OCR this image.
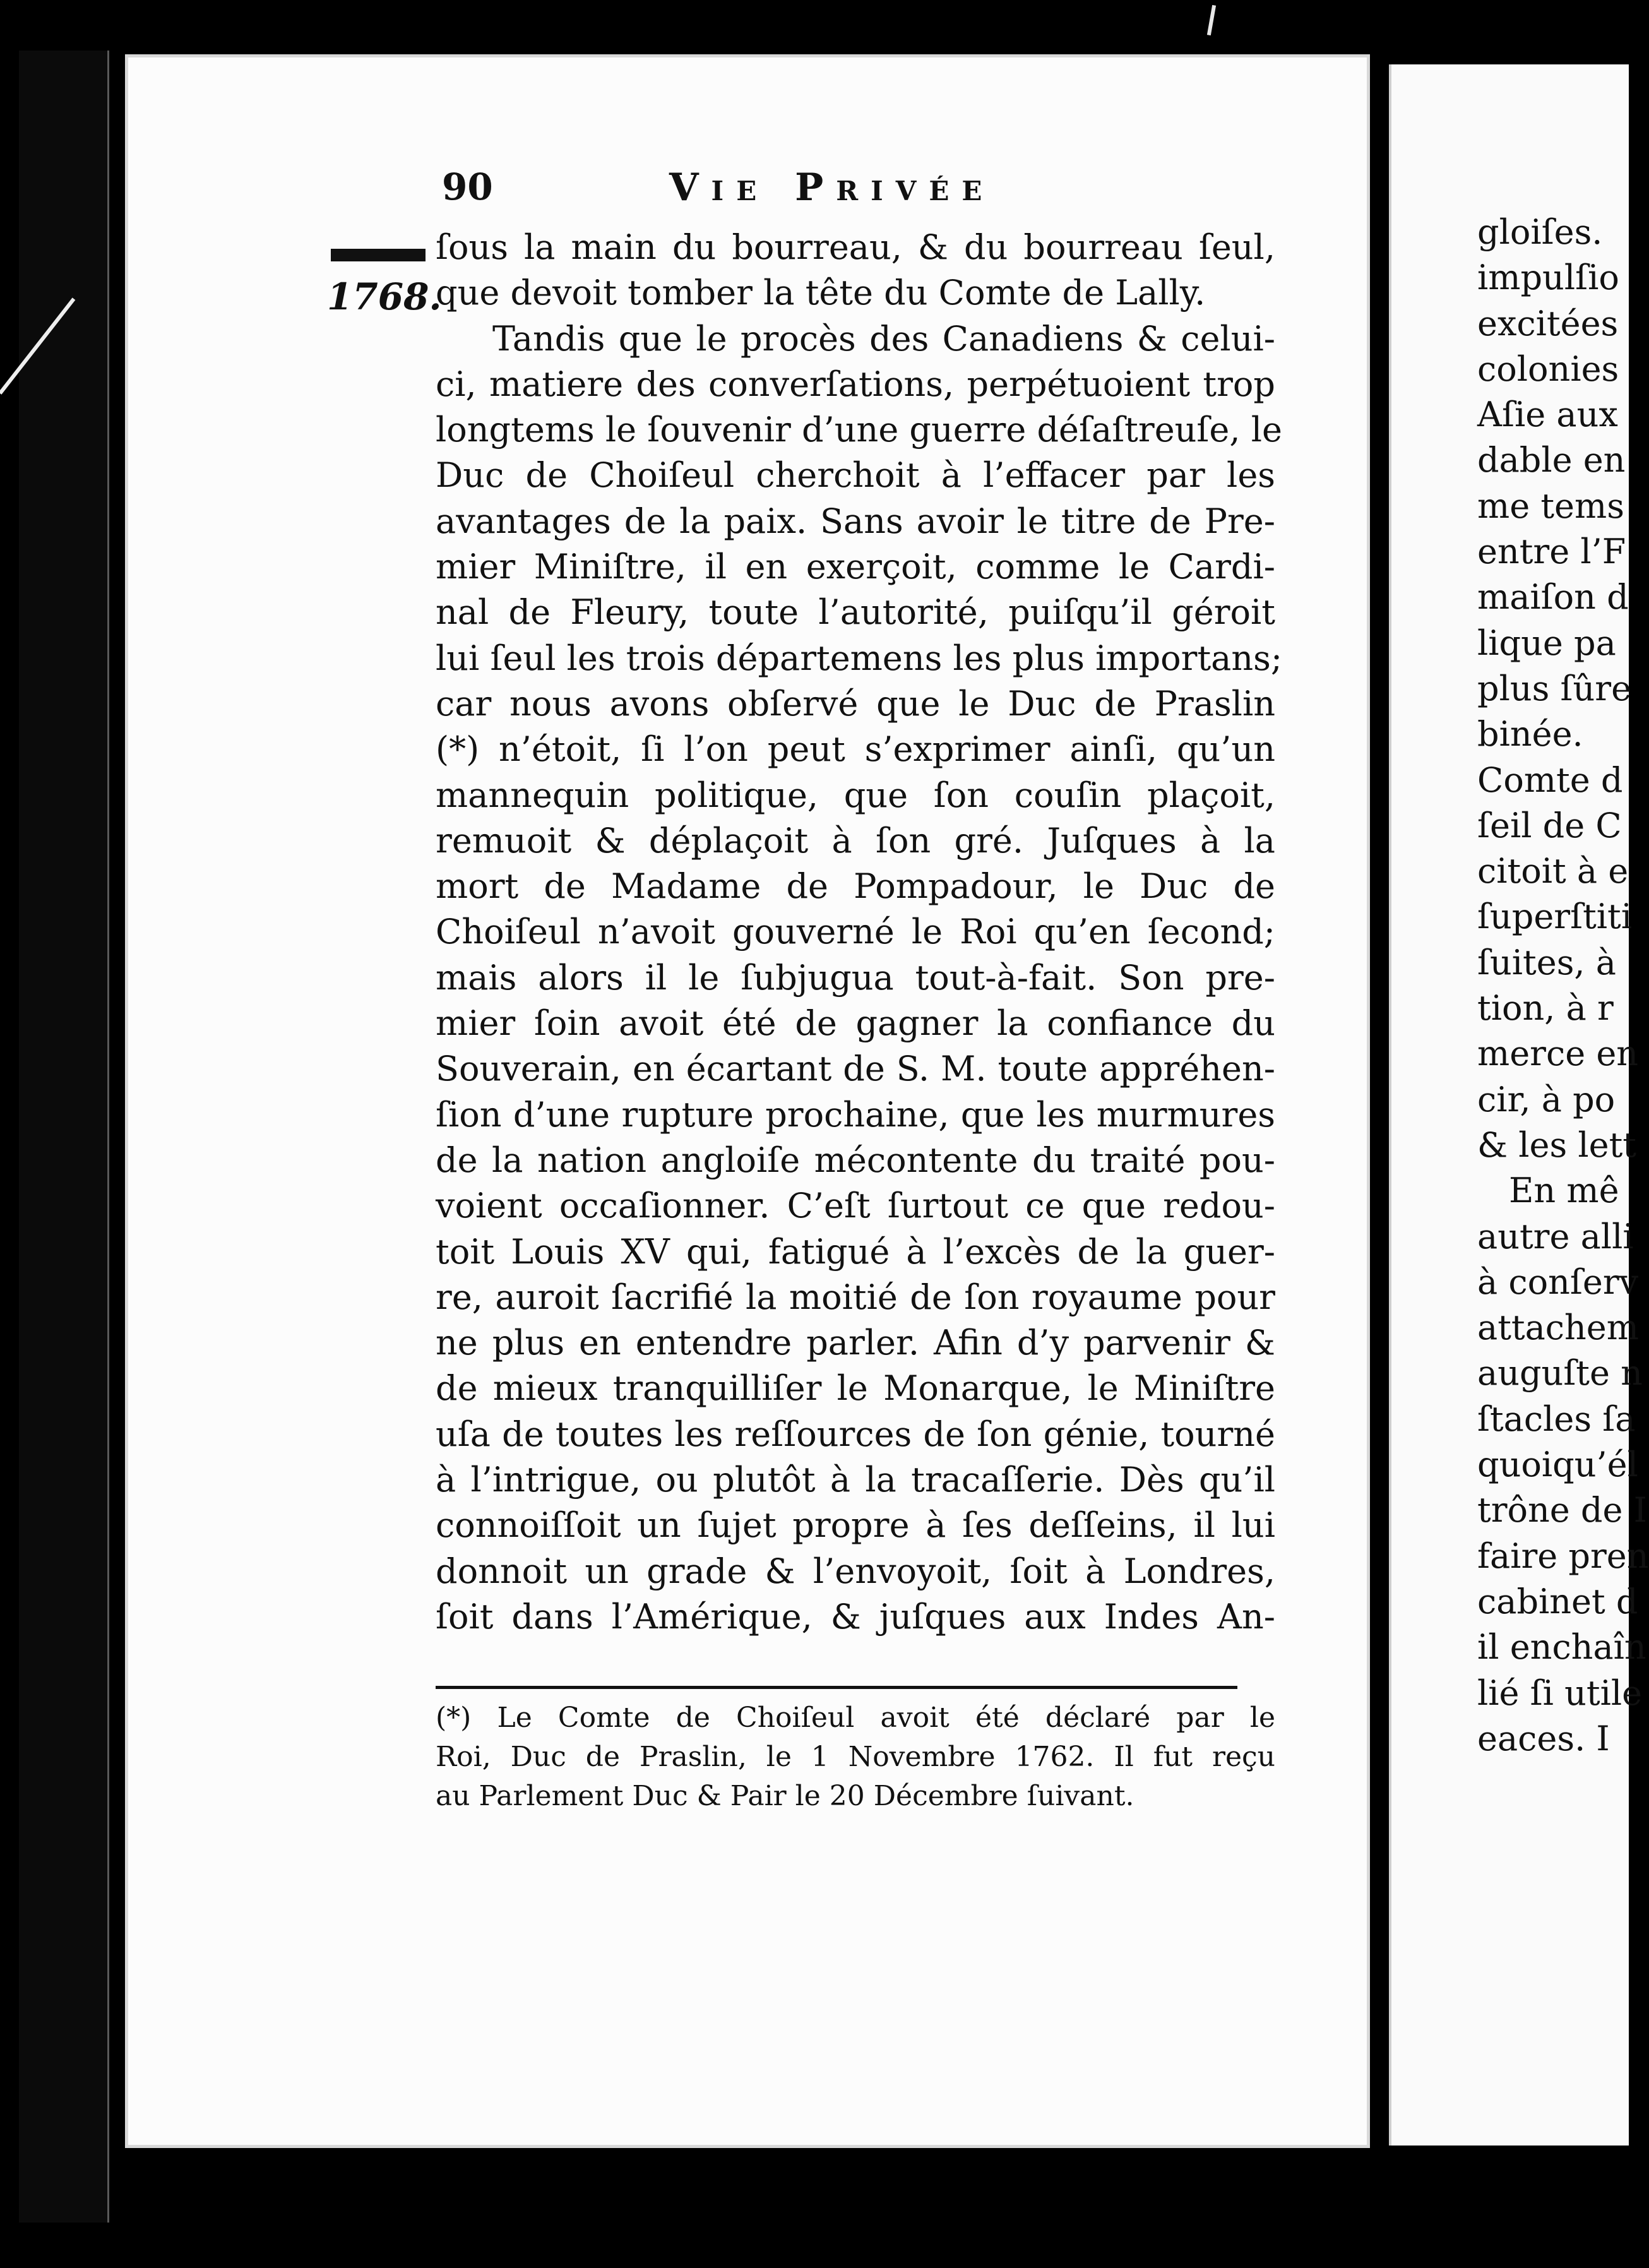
90	Vie Privée
1768.

ſous la main du bourreau, & du bourreau ſeul,
que devoit tomber la tête du Comte de Lally.
Tandis que le procès des Canadiens & celui-
ci, matiere des converſations, perpétuoient trop
longtems le ſouvenir d’une guerre déſaſtreuſe, le
Duc de Choiſeul cherchoit à l’effacer par les
avantages de la paix. Sans avoir le titre de Pre-
mier Miniſtre, il en exerçoit, comme le Cardi-
nal de Fleury, toute l’autorité, puiſqu’il géroit
lui ſeul les trois départemens les plus importans;
car nous avons obſervé que le Duc de Praslin
(*) n’étoit, ſi l’on peut s’exprimer ainſi, qu’un
mannequin politique, que ſon couſin plaçoit,
remuoit & déplaçoit à ſon gré. Juſques à la
mort de Madame de Pompadour, le Duc de
Choiſeul n’avoit gouverné le Roi qu’en ſecond;
mais alors il le ſubjugua tout-à-fait. Son pre-
mier ſoin avoit été de gagner la confiance du
Souverain, en écartant de S. M. toute appréhen-
ſion d’une rupture prochaine, que les murmures
de la nation angloiſe mécontente du traité pou-
voient occaſionner. C’eſt ſurtout ce que redou-
toit Louis XV qui, fatigué à l’excès de la guer-
re, auroit ſacrifié la moitié de ſon royaume pour
ne plus en entendre parler. Afin d’y parvenir &
de mieux tranquilliſer le Monarque, le Miniſtre
uſa de toutes les reſſources de ſon génie, tourné
à l’intrigue, ou plutôt à la tracaſſerie. Dès qu’il
connoiſſoit un ſujet propre à ſes deſſeins, il lui
donnoit un grade & l’envoyoit, ſoit à Londres,
ſoit dans l’Amérique, & juſques aux Indes An-

(*) Le Comte de Choiſeul avoit été déclaré par le
Roi, Duc de Praslin, le 1 Novembre 1762. Il fut reçu
au Parlement Duc & Pair le 20 Décembre ſuivant.

gloiſes.
impulſio
excitées
colonies
Aſie aux
dable en
me tems
entre l’F
maiſon d
lique pa
plus ſûre
binée.
Comte d
ſeil de C
citoit à e
ſuperſtiti
ſuites, à
tion, à r
merce en
cir, à po
& les lett
En mê
autre alli
à conſerv
attachem
auguſte n
ſtacles ſa
quoiqu’él
trône de I
faire pren
cabinet d
il enchaîn
lié ſi utile
eaces. I
